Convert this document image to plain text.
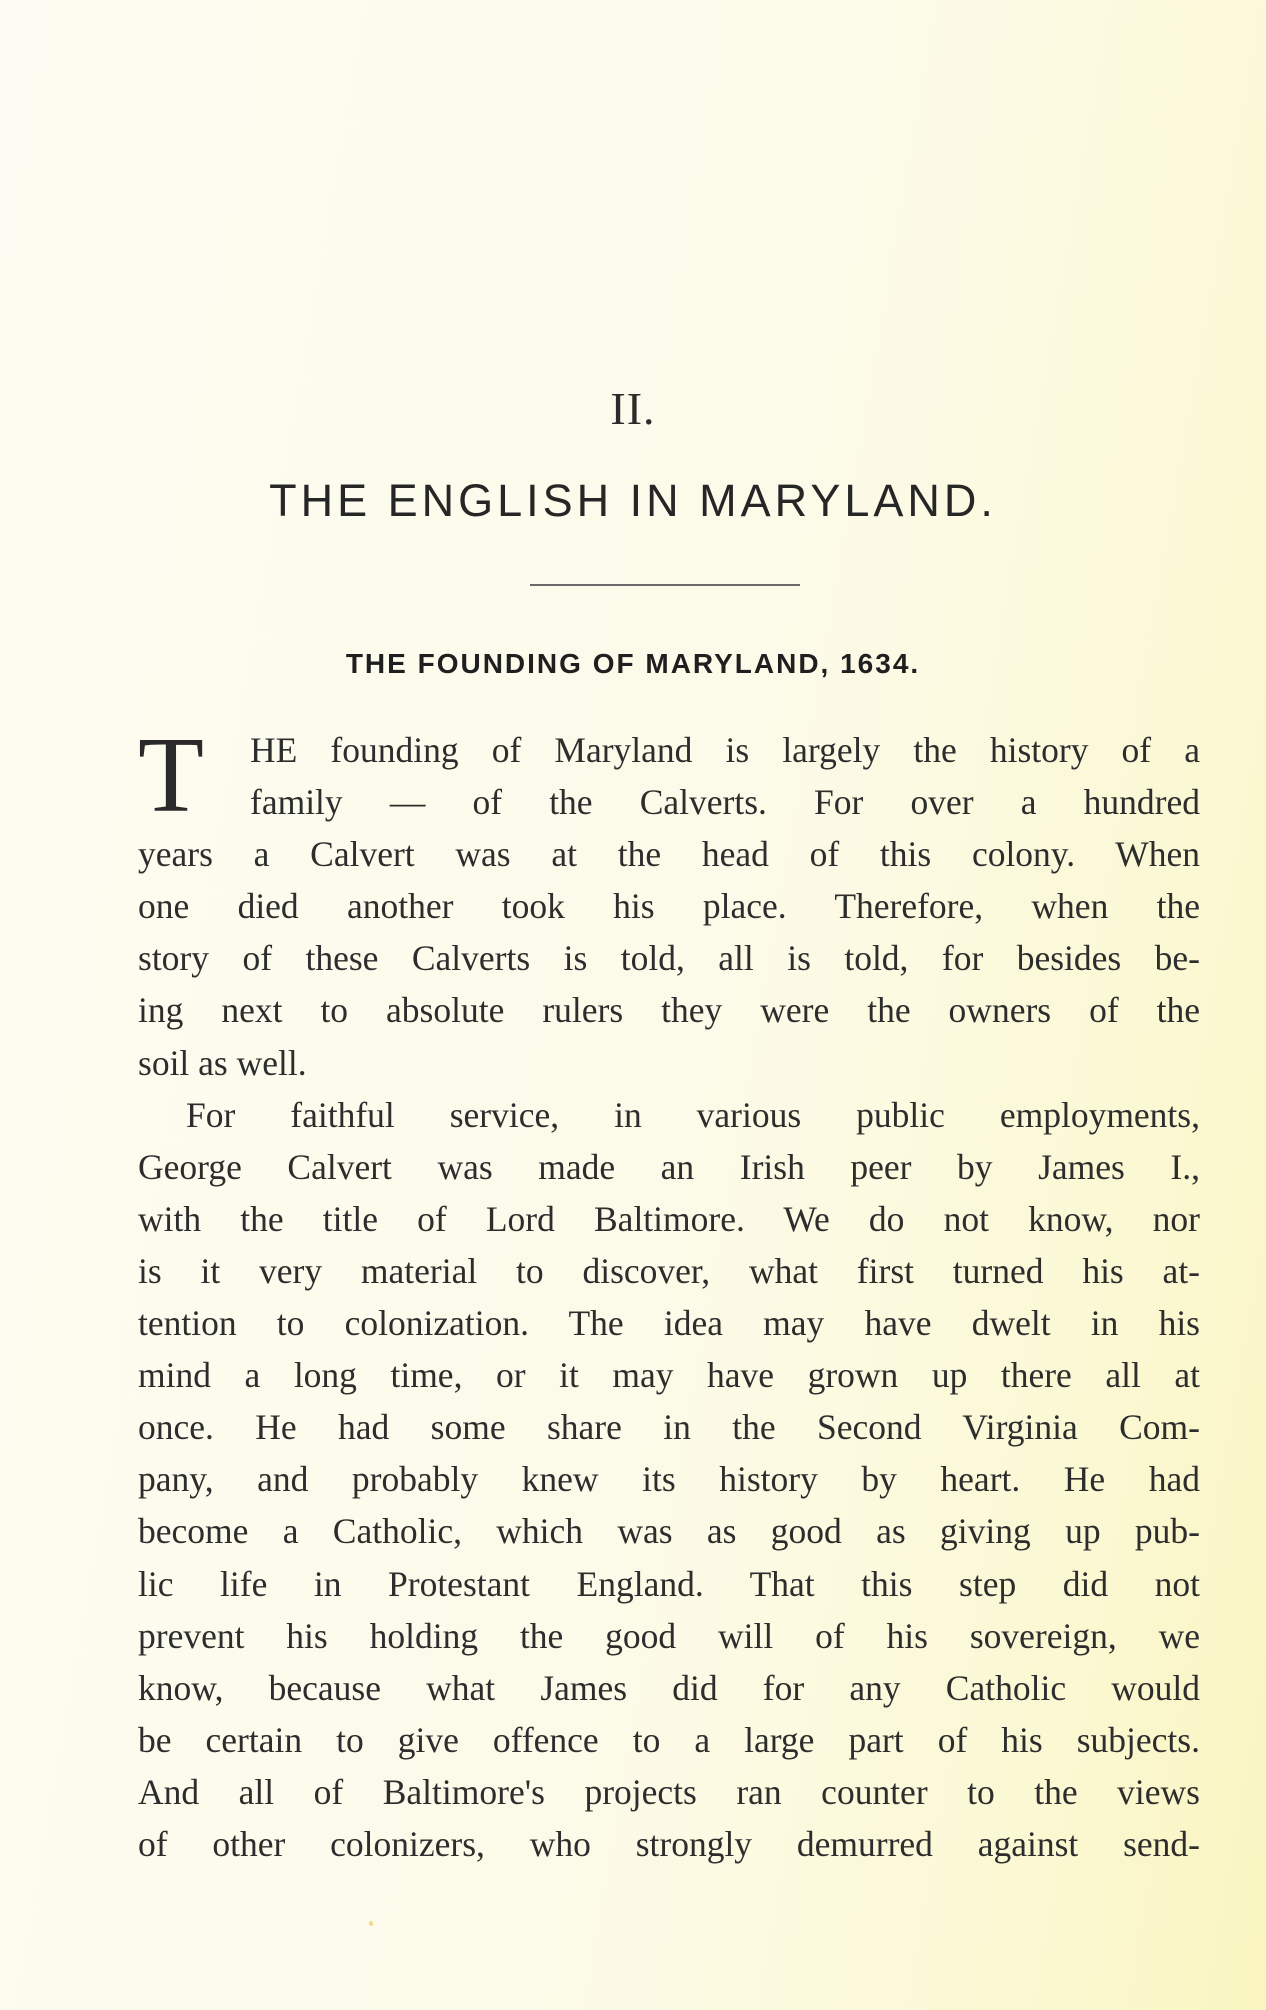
II.
THE ENGLISH IN MARYLAND.
THE FOUNDING OF MARYLAND, 1634.
T	HE founding of Maryland is largely the history of a
family — of the Calverts. For over a hundred
years a Calvert was at the head of this colony. When
one died another took his place. Therefore, when the
story of these Calverts is told, all is told, for besides be-
ing next to absolute rulers they were the owners of the
soil as well.
For faithful service, in various public employments,
George Calvert was made an Irish peer by James I.,
with the title of Lord Baltimore. We do not know, nor
is it very material to discover, what first turned his at-
tention to colonization. The idea may have dwelt in his
mind a long time, or it may have grown up there all at
once. He had some share in the Second Virginia Com-
pany, and probably knew its history by heart. He had
become a Catholic, which was as good as giving up pub-
lic life in Protestant England. That this step did not
prevent his holding the good will of his sovereign, we
know, because what James did for any Catholic would
be certain to give offence to a large part of his subjects.
And all of Baltimore's projects ran counter to the views
of other colonizers, who strongly demurred against send-
